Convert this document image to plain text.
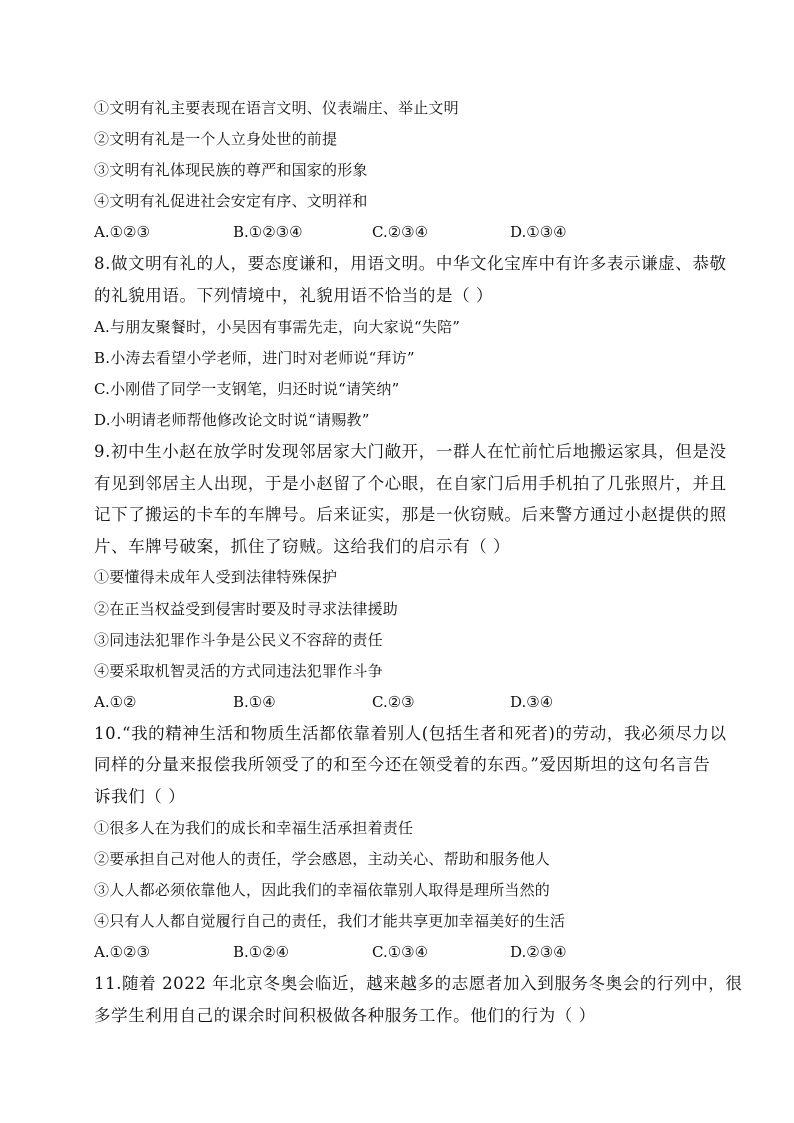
①文明有礼主要表现在语言文明、仪表端庄、举止文明
②文明有礼是一个人立身处世的前提
③文明有礼体现民族的尊严和国家的形象
④文明有礼促进社会安定有序、文明祥和
A.①②③	B.①②③④	C.②③④	D.①③④
8.做文明有礼的人，要态度谦和，用语文明。中华文化宝库中有许多表示谦虚、恭敬
的礼貌用语。下列情境中，礼貌用语不恰当的是（ ）
A.与朋友聚餐时，小吴因有事需先走，向大家说“失陪”
B.小涛去看望小学老师，进门时对老师说“拜访”
C.小刚借了同学一支钢笔，归还时说“请笑纳”
D.小明请老师帮他修改论文时说“请赐教”
9.初中生小赵在放学时发现邻居家大门敞开，一群人在忙前忙后地搬运家具，但是没
有见到邻居主人出现，于是小赵留了个心眼，在自家门后用手机拍了几张照片，并且
记下了搬运的卡车的车牌号。后来证实，那是一伙窃贼。后来警方通过小赵提供的照
片、车牌号破案，抓住了窃贼。这给我们的启示有（ ）
①要懂得未成年人受到法律特殊保护
②在正当权益受到侵害时要及时寻求法律援助
③同违法犯罪作斗争是公民义不容辞的责任
④要采取机智灵活的方式同违法犯罪作斗争
A.①②	B.①④	C.②③	D.③④
10.“我的精神生活和物质生活都依靠着别人(包括生者和死者)的劳动，我必须尽力以
同样的分量来报偿我所领受了的和至今还在领受着的东西。”爱因斯坦的这句名言告
诉我们（ ）
①很多人在为我们的成长和幸福生活承担着责任
②要承担自己对他人的责任，学会感恩，主动关心、帮助和服务他人
③人人都必须依靠他人，因此我们的幸福依靠别人取得是理所当然的
④只有人人都自觉履行自己的责任，我们才能共享更加幸福美好的生活
A.①②③	B.①②④	C.①③④	D.②③④
11.随着 2022 年北京冬奥会临近，越来越多的志愿者加入到服务冬奥会的行列中，很
多学生利用自己的课余时间积极做各种服务工作。他们的行为（ ）
